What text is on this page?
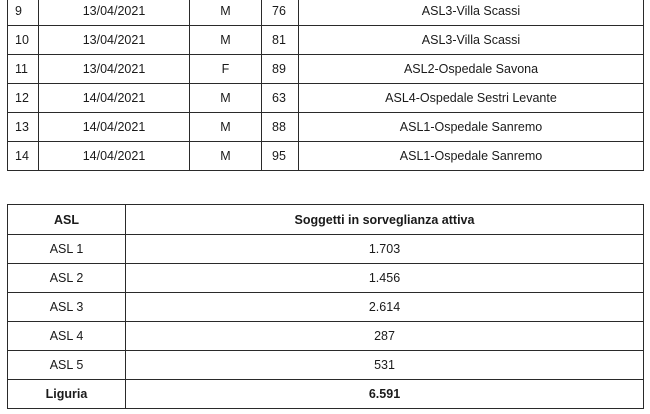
9	13/04/2021	M	76	ASL3-Villa Scassi
10	13/04/2021	M	81	ASL3-Villa Scassi
11	13/04/2021	F	89	ASL2-Ospedale Savona
12	14/04/2021	M	63	ASL4-Ospedale Sestri Levante
13	14/04/2021	M	88	ASL1-Ospedale Sanremo
14	14/04/2021	M	95	ASL1-Ospedale Sanremo
ASL	Soggetti in sorveglianza attiva
ASL 1	1.703
ASL 2	1.456
ASL 3	2.614
ASL 4	287
ASL 5	531
Liguria	6.591
